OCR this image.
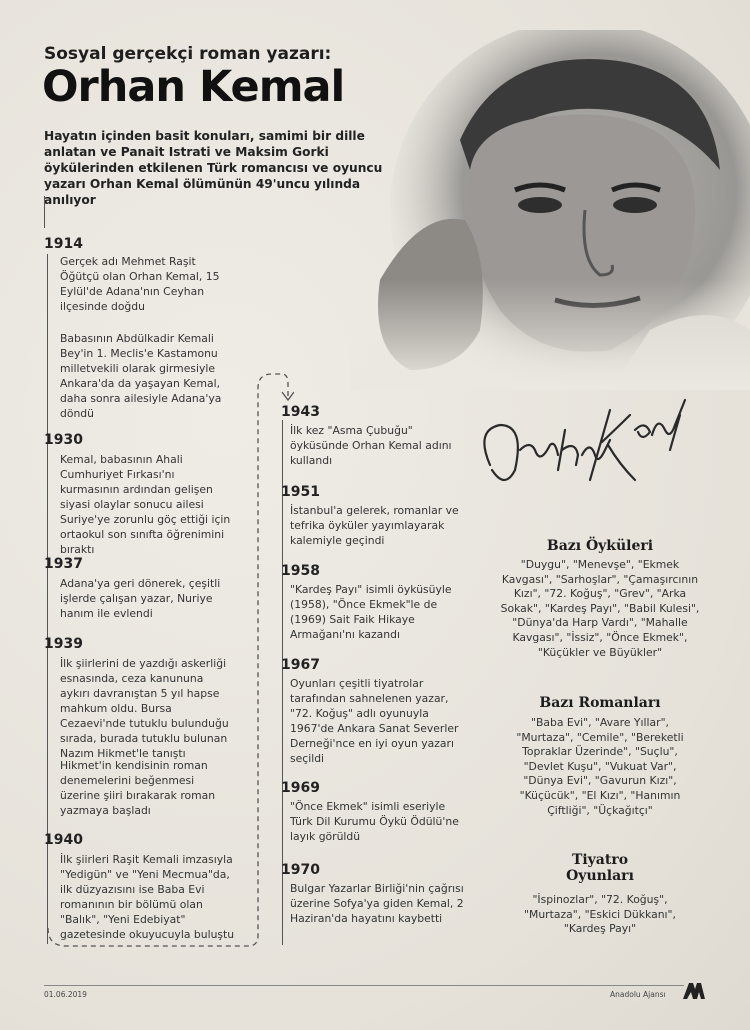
Sosyal gerçekçi roman yazarı:
Orhan Kemal
Hayatın içinden basit konuları, samimi bir dille anlatan ve Panait Istrati ve Maksim Gorki öykülerinden etkilenen Türk romancısı ve oyuncu yazarı Orhan Kemal ölümünün 49'uncu yılında anılıyor
1914
Gerçek adı Mehmet Raşit Öğütçü olan Orhan Kemal, 15 Eylül'de Adana'nın Ceyhan ilçesinde doğdu
Babasının Abdülkadir Kemali Bey'in 1. Meclis'e Kastamonu milletvekili olarak girmesiyle Ankara'da da yaşayan Kemal, daha sonra ailesiyle Adana'ya döndü
1930
Kemal, babasının Ahali Cumhuriyet Fırkası'nı kurmasının ardından gelişen siyasi olaylar sonucu ailesi Suriye'ye zorunlu göç ettiği için ortaokul son sınıfta öğrenimini bıraktı
1937
Adana'ya geri dönerek, çeşitli işlerde çalışan yazar, Nuriye hanım ile evlendi
1939
İlk şiirlerini de yazdığı askerliği esnasında, ceza kanununa aykırı davranıştan 5 yıl hapse mahkum oldu. Bursa Cezaevi'nde tutuklu bulunduğu sırada, burada tutuklu bulunan Nazım Hikmet'le tanıştı
Hikmet'in kendisinin roman denemelerini beğenmesi üzerine şiiri bırakarak roman yazmaya başladı
1940
İlk şiirleri Raşit Kemali imzasıyla "Yedigün" ve "Yeni Mecmua"da, ilk düzyazısını ise Baba Evi romanının bir bölümü olan "Balık", "Yeni Edebiyat" gazetesinde okuyucuyla buluştu
1943
İlk kez "Asma Çubuğu" öyküsünde Orhan Kemal adını kullandı
1951
İstanbul'a gelerek, romanlar ve tefrika öyküler yayımlayarak kalemiyle geçindi
1958
"Kardeş Payı" isimli öyküsüyle (1958), "Önce Ekmek"le de (1969) Sait Faik Hikaye Armağanı'nı kazandı
1967
Oyunları çeşitli tiyatrolar tarafından sahnelenen yazar, "72. Koğuş" adlı oyunuyla 1967'de Ankara Sanat Severler Derneği'nce en iyi oyun yazarı seçildi
1969
"Önce Ekmek" isimli eseriyle Türk Dil Kurumu Öykü Ödülü'ne layık görüldü
1970
Bulgar Yazarlar Birliği'nin çağrısı üzerine Sofya'ya giden Kemal, 2 Haziran'da hayatını kaybetti
Bazı Öyküleri
"Duygu", "Menevşe", "Ekmek Kavgası", "Sarhoşlar", "Çamaşırcının Kızı", "72. Koğuş", "Grev", "Arka Sokak", "Kardeş Payı", "Babil Kulesi", "Dünya'da Harp Vardı", "Mahalle Kavgası", "İssiz", "Önce Ekmek", "Küçükler ve Büyükler"
Bazı Romanları
"Baba Evi", "Avare Yıllar", "Murtaza", "Cemile", "Bereketli Topraklar Üzerinde", "Suçlu", "Devlet Kuşu", "Vukuat Var", "Dünya Evi", "Gavurun Kızı", "Küçücük", "El Kızı", "Hanımın Çiftliği", "Üçkağıtçı"
Tiyatro Oyunları
"İspinozlar", "72. Koğuş", "Murtaza", "Eskici Dükkanı", "Kardeş Payı"
01.06.2019	Anadolu Ajansı
